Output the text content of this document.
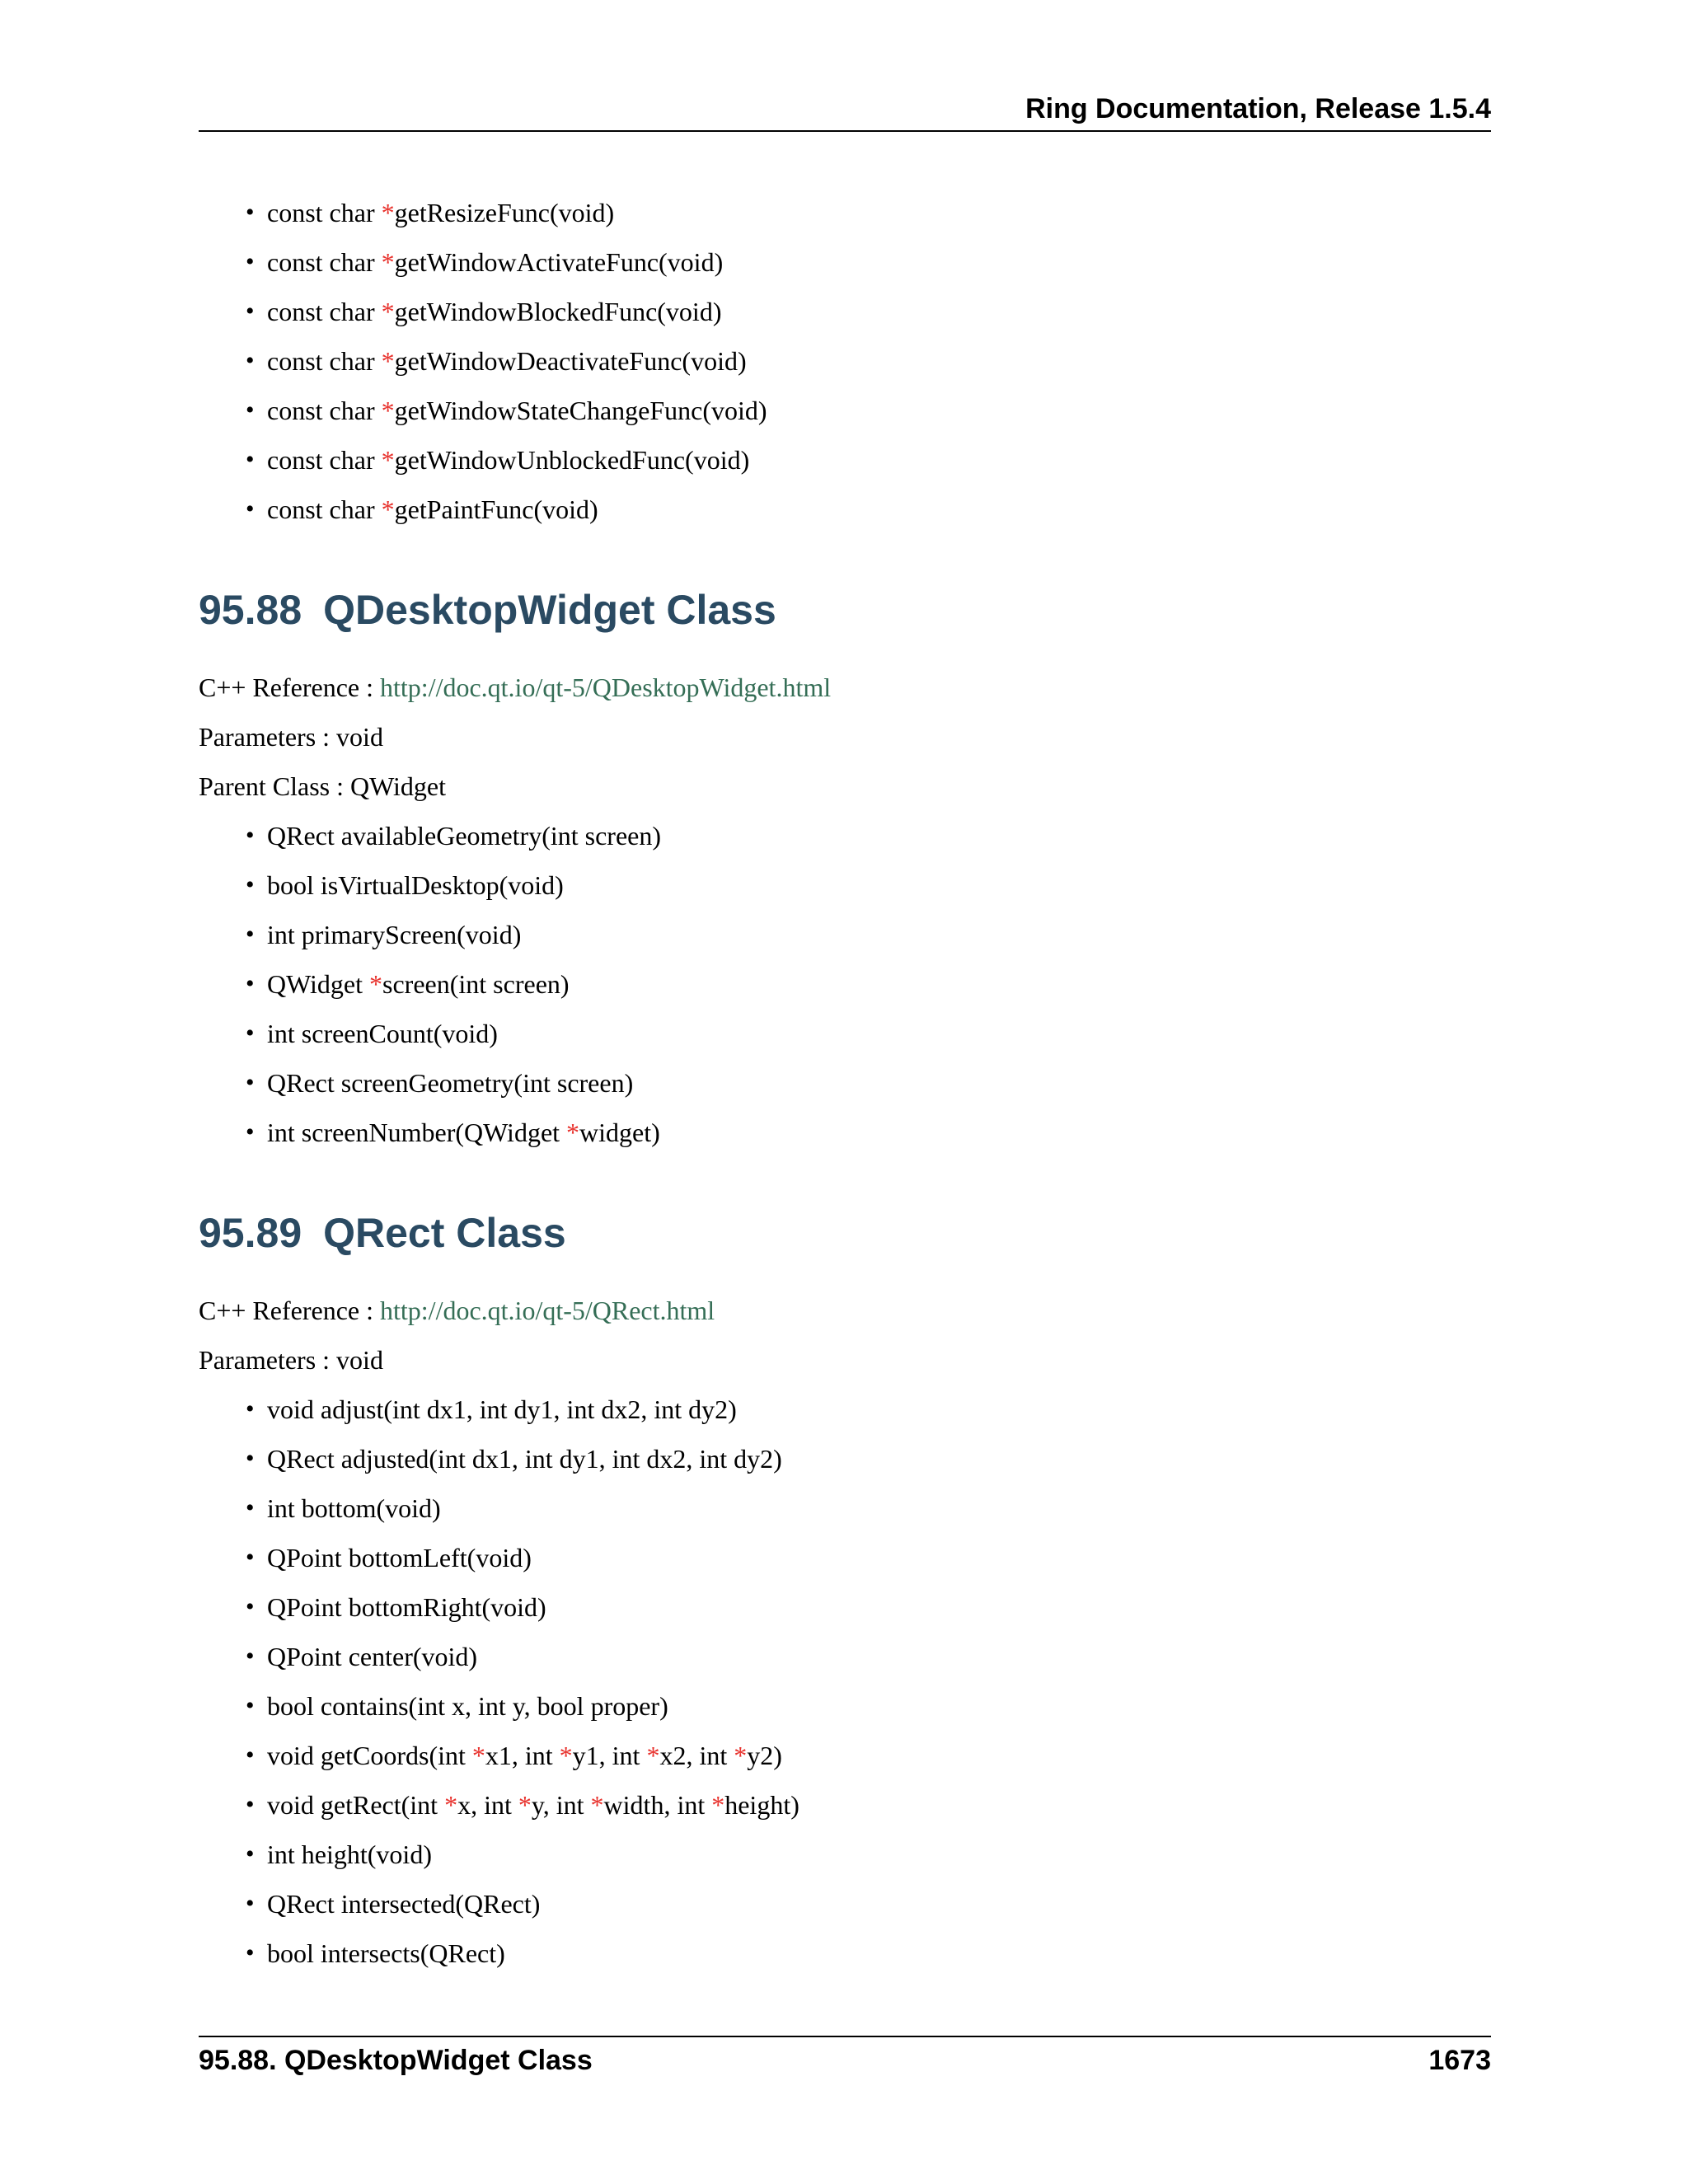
Ring Documentation, Release 1.5.4
• const char *getResizeFunc(void)
• const char *getWindowActivateFunc(void)
• const char *getWindowBlockedFunc(void)
• const char *getWindowDeactivateFunc(void)
• const char *getWindowStateChangeFunc(void)
• const char *getWindowUnblockedFunc(void)
• const char *getPaintFunc(void)
95.88 QDesktopWidget Class

C++ Reference : http://doc.qt.io/qt-5/QDesktopWidget.html

Parameters : void

Parent Class : QWidget

• QRect availableGeometry(int screen)
• bool isVirtualDesktop(void)
• int primaryScreen(void)
• QWidget *screen(int screen)
• int screenCount(void)
• QRect screenGeometry(int screen)
• int screenNumber(QWidget *widget)
95.89 QRect Class

C++ Reference : http://doc.qt.io/qt-5/QRect.html

Parameters : void

• void adjust(int dx1, int dy1, int dx2, int dy2)
• QRect adjusted(int dx1, int dy1, int dx2, int dy2)
• int bottom(void)
• QPoint bottomLeft(void)
• QPoint bottomRight(void)
• QPoint center(void)
• bool contains(int x, int y, bool proper)
• void getCoords(int *x1, int *y1, int *x2, int *y2)
• void getRect(int *x, int *y, int *width, int *height)
• int height(void)
• QRect intersected(QRect)
• bool intersects(QRect)
95.88. QDesktopWidget Class	1673
